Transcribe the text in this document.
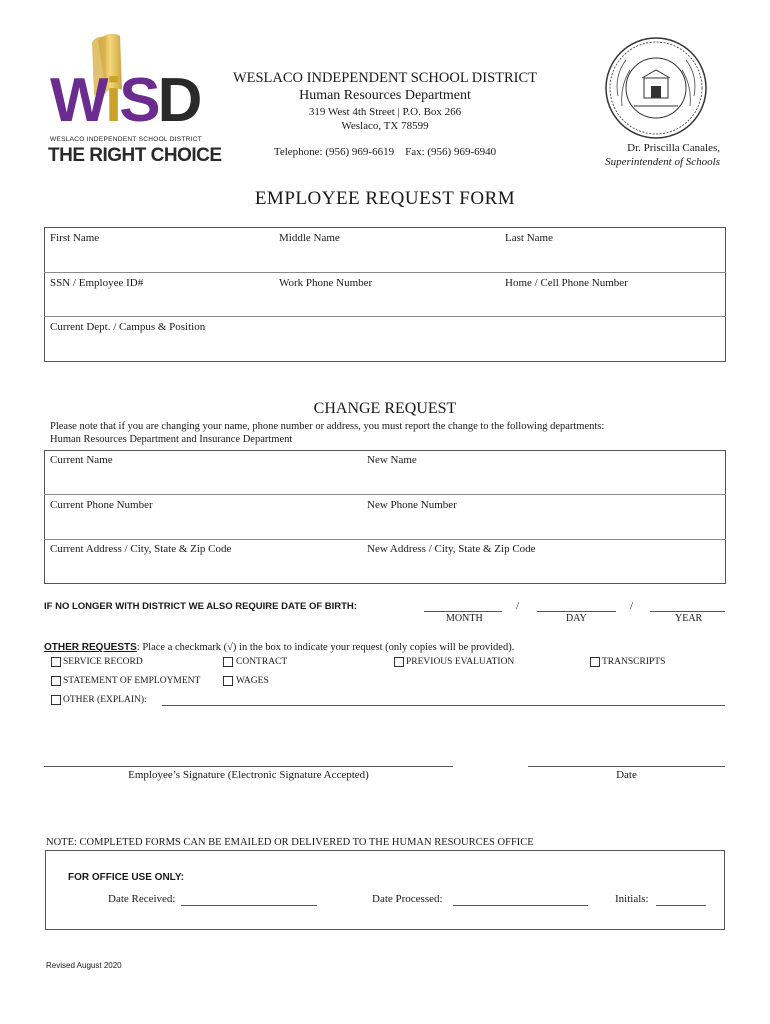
WiSD
WESLACO INDEPENDENT SCHOOL DISTRICT
THE RIGHT CHOICE
WESLACO INDEPENDENT SCHOOL DISTRICT
Human Resources Department
319 West 4th Street | P.O. Box 266
Weslaco, TX 78599
Telephone: (956) 969-6619 Fax: (956) 969-6940	Dr. Priscilla Canales,
Superintendent of Schools
EMPLOYEE REQUEST FORM
First Name	Middle Name	Last Name
SSN / Employee ID#	Work Phone Number	Home / Cell Phone Number
Current Dept. / Campus & Position
CHANGE REQUEST
Please note that if you are changing your name, phone number or address, you must report the change to the following departments:
Human Resources Department and Insurance Department
Current Name	New Name
Current Phone Number	New Phone Number
Current Address / City, State & Zip Code	New Address / City, State & Zip Code
IF NO LONGER WITH DISTRICT WE ALSO REQUIRE DATE OF BIRTH:	/	/
MONTH	DAY	YEAR
OTHER REQUESTS: Place a checkmark (√) in the box to indicate your request (only copies will be provided).
SERVICE RECORD	CONTRACT	PREVIOUS EVALUATION	TRANSCRIPTS
STATEMENT OF EMPLOYMENT	WAGES
OTHER (EXPLAIN):
Employee’s Signature (Electronic Signature Accepted)	Date
NOTE: COMPLETED FORMS CAN BE EMAILED OR DELIVERED TO THE HUMAN RESOURCES OFFICE
FOR OFFICE USE ONLY:
Date Received:	Date Processed:	Initials:
Revised August 2020
